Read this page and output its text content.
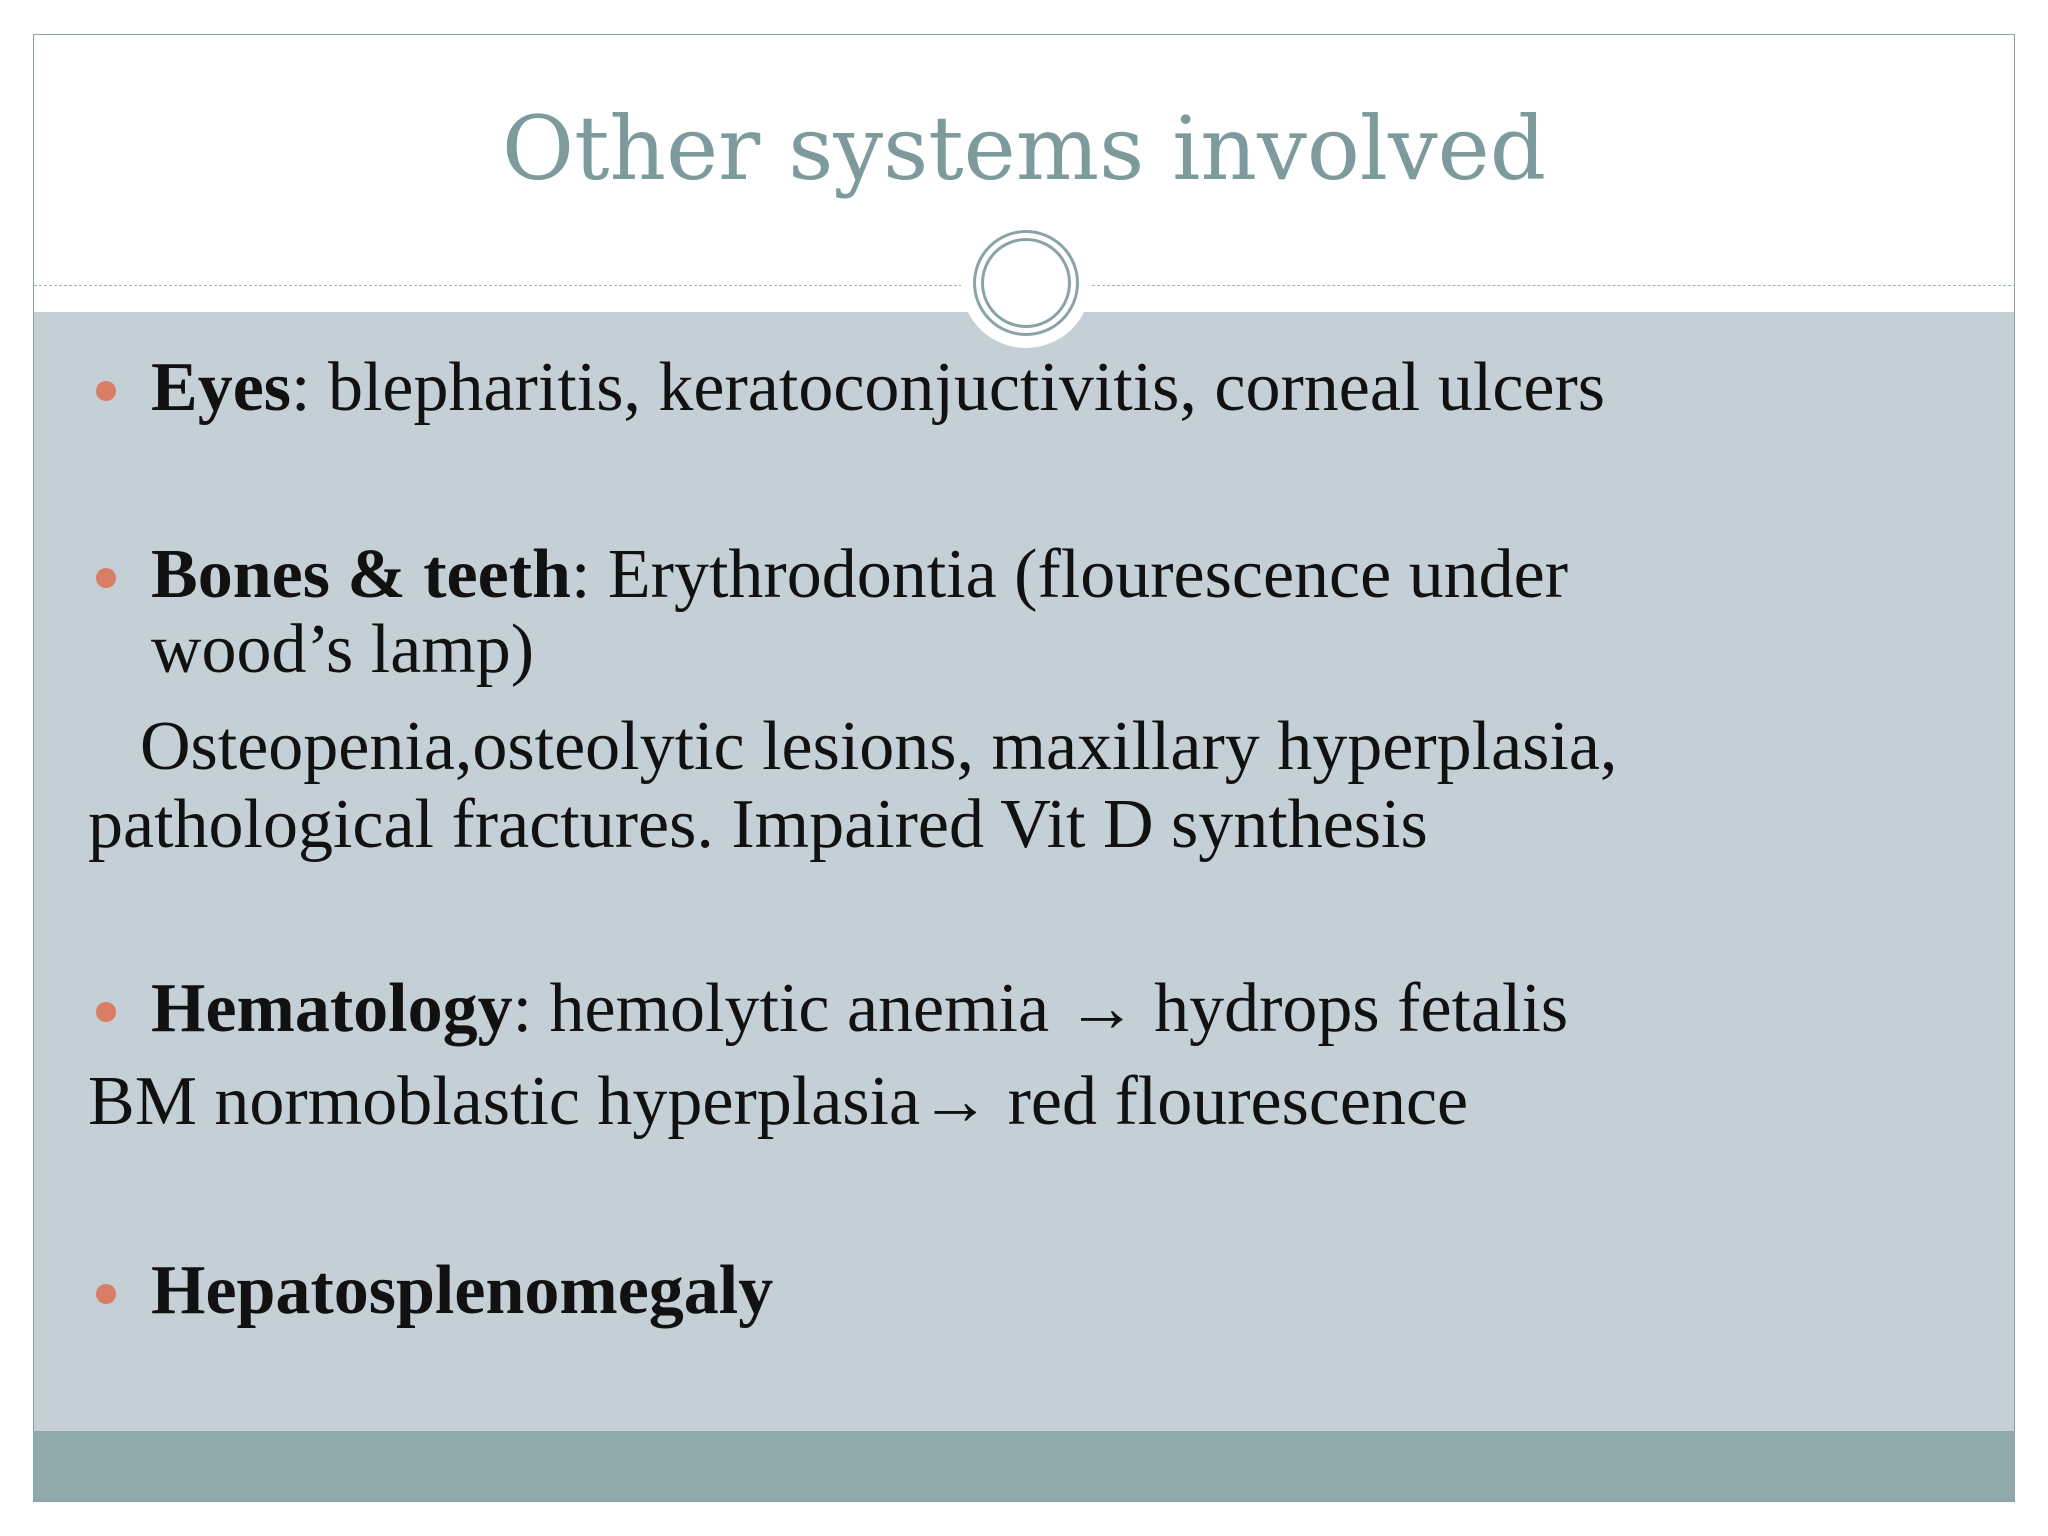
Other systems involved
Eyes: blepharitis, keratoconjuctivitis, corneal ulcers
Bones & teeth: Erythrodontia (flourescence under
wood’s lamp)
Osteopenia,osteolytic lesions, maxillary hyperplasia,
pathological fractures. Impaired Vit D synthesis
Hematology: hemolytic anemia → hydrops fetalis
BM normoblastic hyperplasia→ red flourescence
Hepatosplenomegaly
